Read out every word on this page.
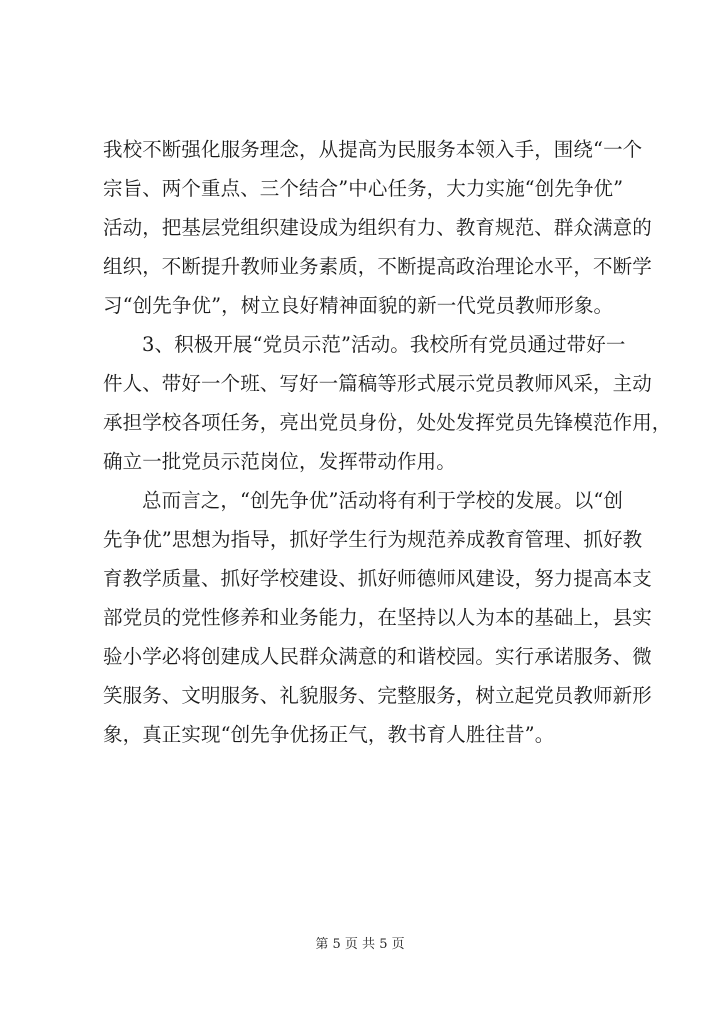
我校不断强化服务理念，从提高为民服务本领入手，围绕“一个
宗旨、两个重点、三个结合”中心任务，大力实施“创先争优”
活动，把基层党组织建设成为组织有力、教育规范、群众满意的
组织，不断提升教师业务素质，不断提高政治理论水平，不断学
习“创先争优”，树立良好精神面貌的新一代党员教师形象。
3、积极开展“党员示范”活动。我校所有党员通过带好一
件人、带好一个班、写好一篇稿等形式展示党员教师风采，主动
承担学校各项任务，亮出党员身份，处处发挥党员先锋模范作用，
确立一批党员示范岗位，发挥带动作用。
总而言之，“创先争优”活动将有利于学校的发展。以“创
先争优”思想为指导，抓好学生行为规范养成教育管理、抓好教
育教学质量、抓好学校建设、抓好师德师风建设，努力提高本支
部党员的党性修养和业务能力，在坚持以人为本的基础上，县实
验小学必将创建成人民群众满意的和谐校园。实行承诺服务、微
笑服务、文明服务、礼貌服务、完整服务，树立起党员教师新形
象，真正实现“创先争优扬正气，教书育人胜往昔”。
第 5 页 共 5 页
